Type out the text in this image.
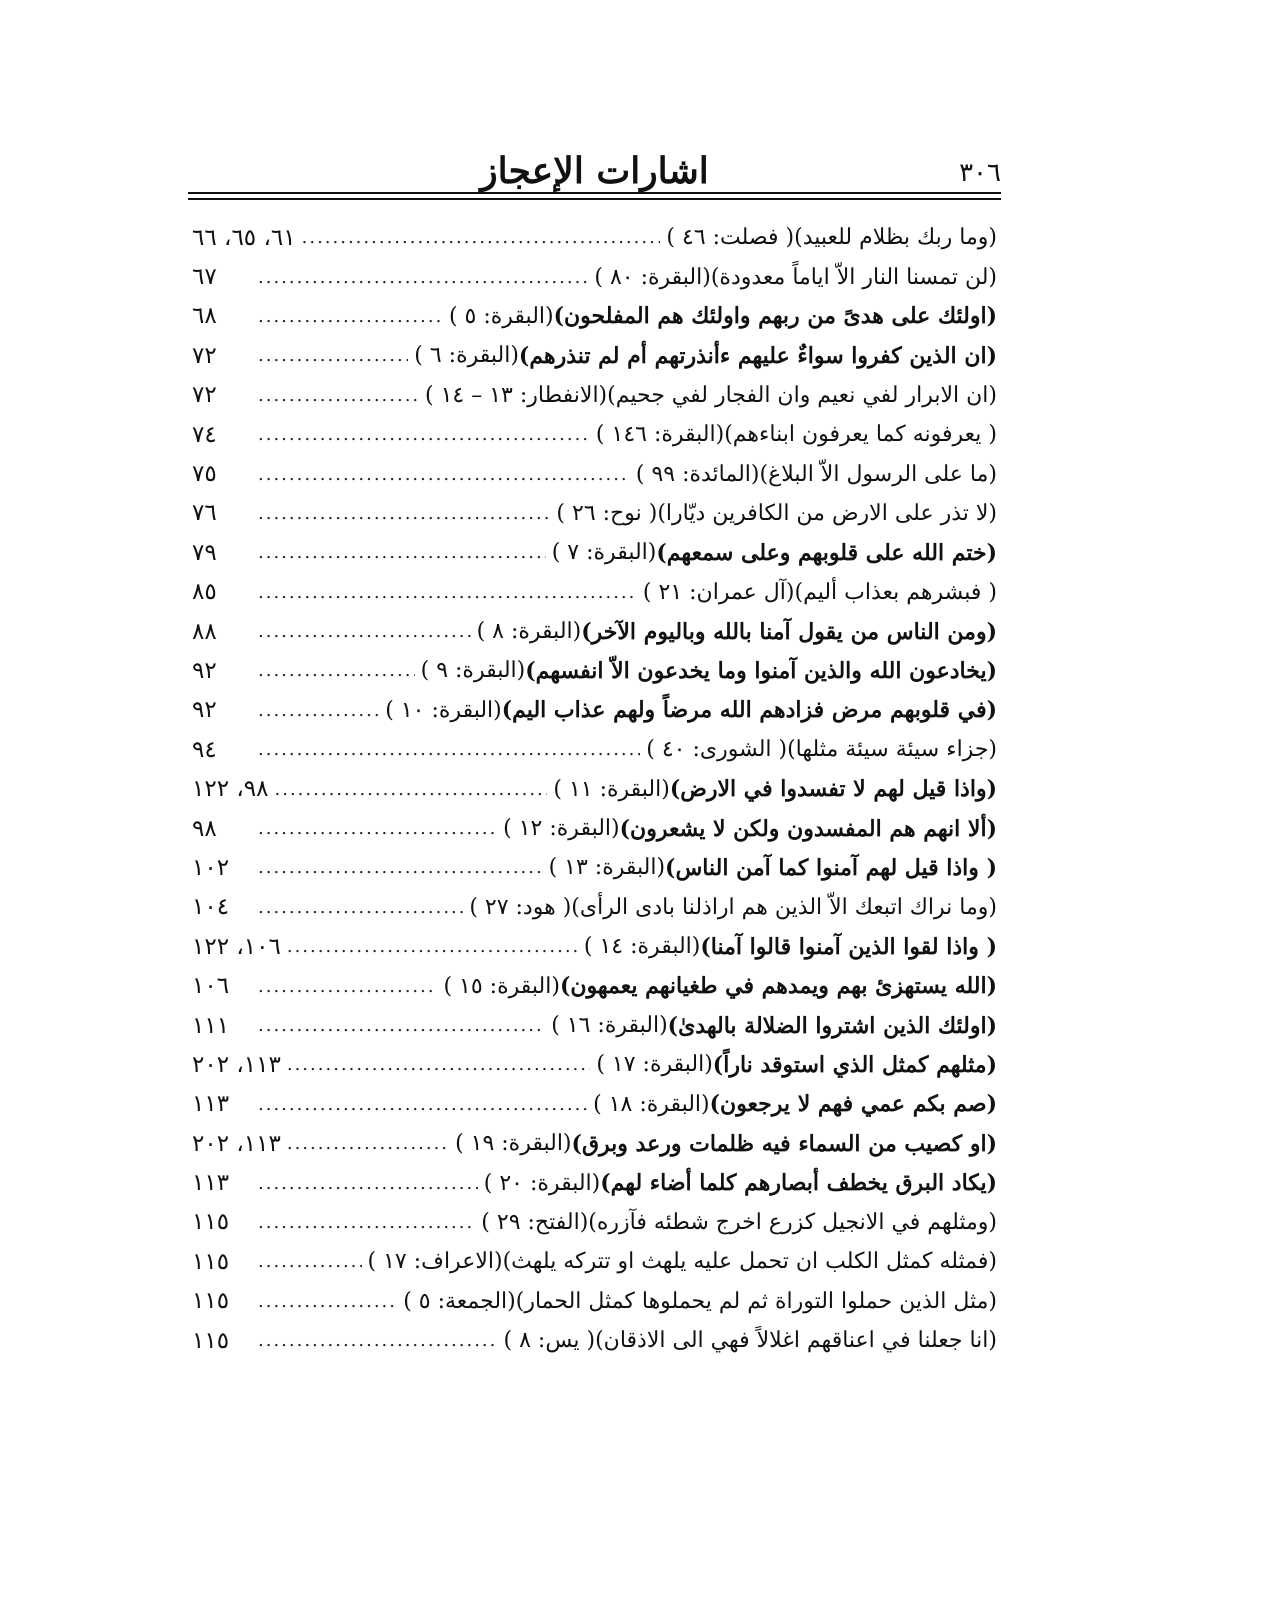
٣٠٦
اشارات الإعجاز
٦١، ٦٥، ٦٦ .....	( فصلت: ٤٦ ) (وما ربك بظلام للعبيد)
٦٧ .....	(البقرة: ٨٠ ) (لن تمسنا النار الاّ اياماً معدودة)
٦٨ .....	(البقرة: ٥ ) (اولئك على هدىً من ربهم واولئك هم المفلحون)
٧٢ .....	(البقرة: ٦ ) (ان الذين كفروا سواءٌ عليهم ءأنذرتهم أم لم تنذرهم)
٧٢ .....	(الانفطار: ١٣ – ١٤ ) (ان الابرار لفي نعيم وان الفجار لفي جحيم)
٧٤ .....	(البقرة: ١٤٦ ) ( يعرفونه كما يعرفون ابناءهم)
٧٥ .....	(المائدة: ٩٩ ) (ما على الرسول الاّ البلاغ)
٧٦ .....	( نوح: ٢٦ ) (لا تذر على الارض من الكافرين ديّارا)
٧٩ .....	(البقرة: ٧ ) (ختم الله على قلوبهم وعلى سمعهم)
٨٥ .....	(آل عمران: ٢١ ) ( فبشرهم بعذاب أليم)
٨٨ .....	(البقرة: ٨ ) (ومن الناس من يقول آمنا بالله وباليوم الآخر)
٩٢ .....	(البقرة: ٩ ) (يخادعون الله والذين آمنوا وما يخدعون الاّ انفسهم)
٩٢ .....	(البقرة: ١٠ ) (في قلوبهم مرض فزادهم الله مرضاً ولهم عذاب اليم)
٩٤ .....	( الشورى: ٤٠ ) (جزاء سيئة سيئة مثلها)
٩٨، ١٢٢ .....	(البقرة: ١١ ) (واذا قيل لهم لا تفسدوا في الارض)
٩٨ .....	(البقرة: ١٢ ) (ألا انهم هم المفسدون ولكن لا يشعرون)
١٠٢ .....	(البقرة: ١٣ ) ( واذا قيل لهم آمنوا كما آمن الناس)
١٠٤ .....	( هود: ٢٧ ) (وما نراك اتبعك الاّ الذين هم اراذلنا بادى الرأى)
١٠٦، ١٢٢ .....	(البقرة: ١٤ ) ( واذا لقوا الذين آمنوا قالوا آمنا)
١٠٦ .....	(البقرة: ١٥ ) (الله يستهزئ بهم ويمدهم في طغيانهم يعمهون)
١١١ .....	(البقرة: ١٦ ) (اولئك الذين اشتروا الضلالة بالهدىٰ)
١١٣، ٢٠٢ .....	(البقرة: ١٧ ) (مثلهم كمثل الذي استوقد ناراً)
١١٣ .....	(البقرة: ١٨ ) (صم بكم عمي فهم لا يرجعون)
١١٣، ٢٠٢ .....	(البقرة: ١٩ ) (او كصيب من السماء فيه ظلمات ورعد وبرق)
١١٣ .....	(البقرة: ٢٠ ) (يكاد البرق يخطف أبصارهم كلما أضاء لهم)
١١٥ .....	(الفتح: ٢٩ ) (ومثلهم في الانجيل كزرع اخرج شطئه فآزره)
١١٥ .....	(الاعراف: ١٧ ) (فمثله كمثل الكلب ان تحمل عليه يلهث او تتركه يلهث)
١١٥ .....	(الجمعة: ٥ ) (مثل الذين حملوا التوراة ثم لم يحملوها كمثل الحمار)
١١٥ .....	( يس: ٨ ) (انا جعلنا في اعناقهم اغلالاً فهي الى الاذقان)
